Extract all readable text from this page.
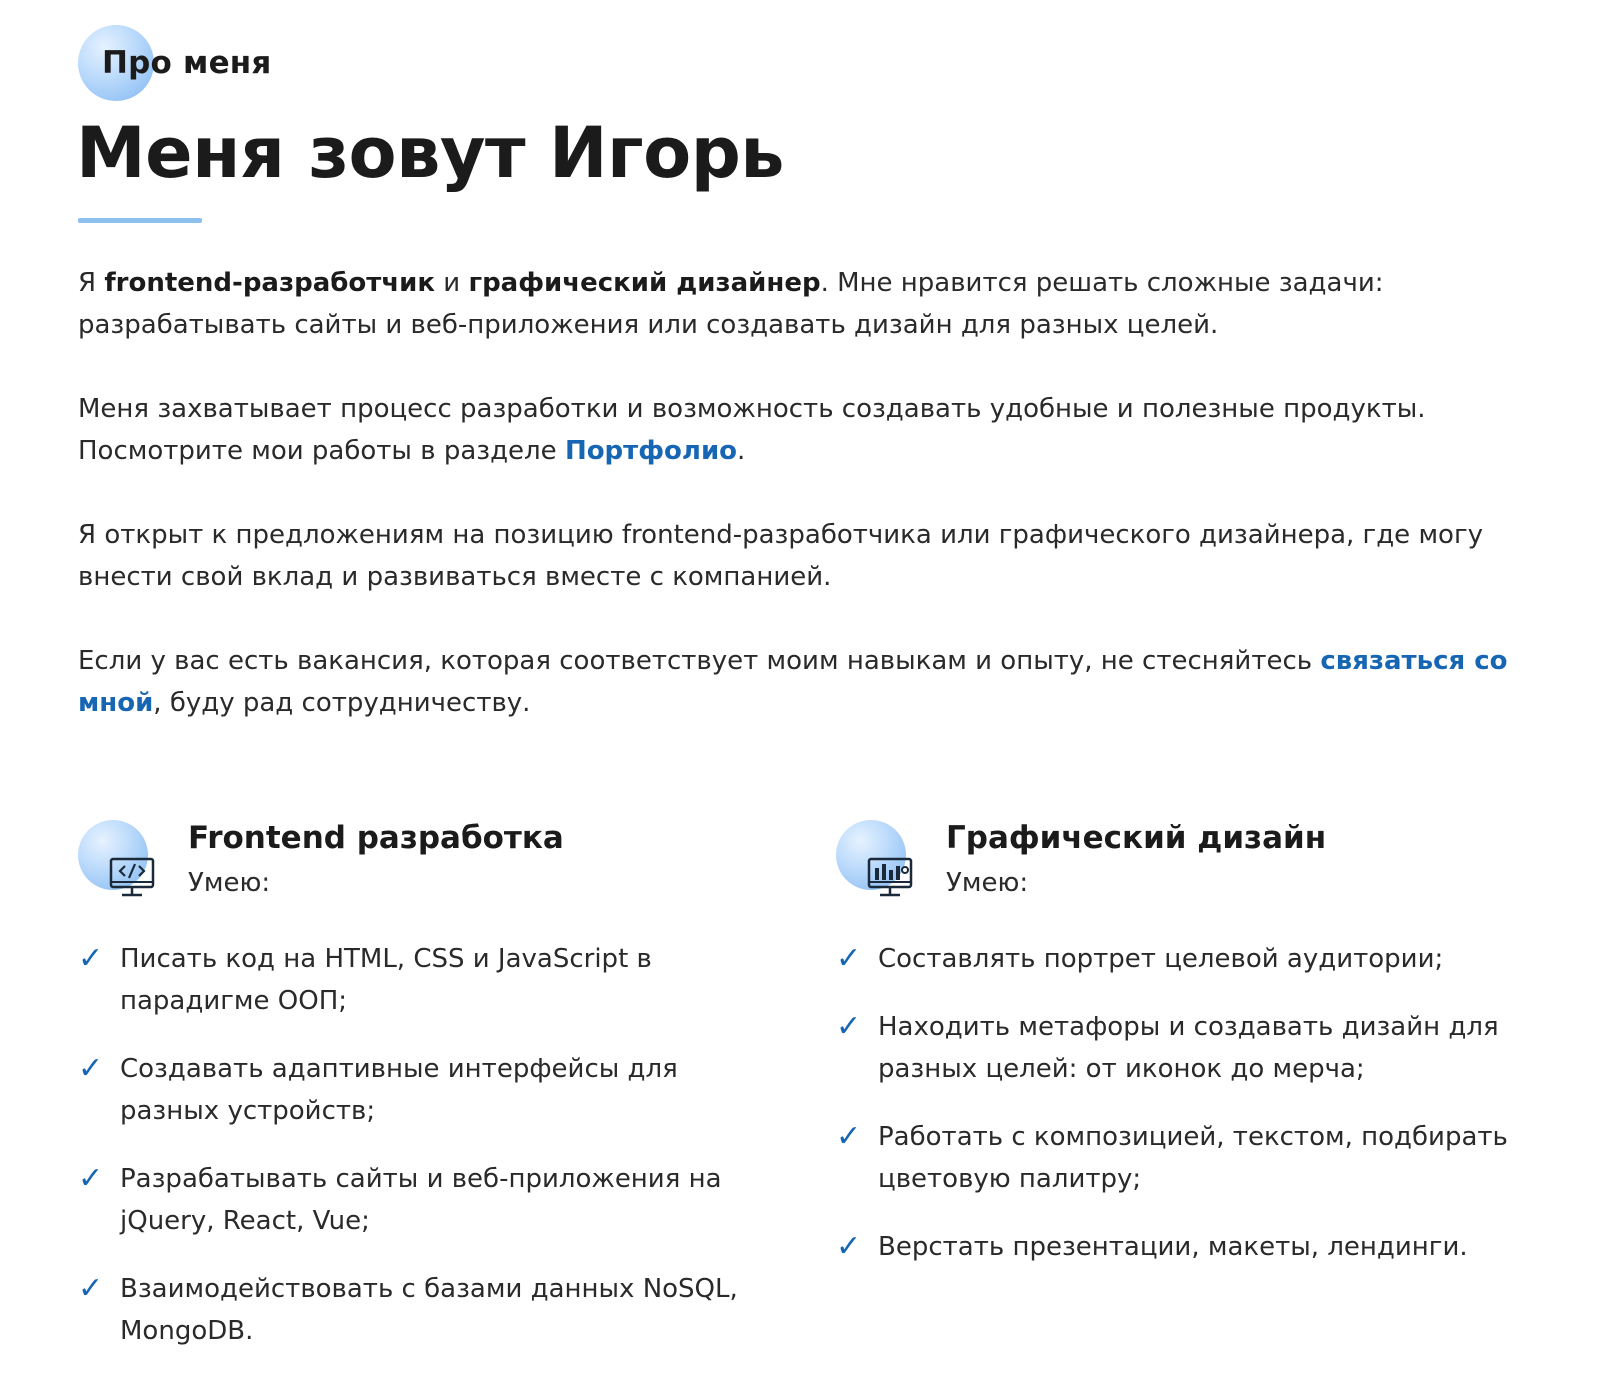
Про меня
Меня зовут Игорь

Я frontend-разработчик и графический дизайнер. Мне нравится решать сложные задачи: разрабатывать сайты и веб-приложения или создавать дизайн для разных целей.

Меня захватывает процесс разработки и возможность создавать удобные и полезные продукты. Посмотрите мои работы в разделе Портфолио.

Я открыт к предложениям на позицию frontend-разработчика или графического дизайнера, где могу внести свой вклад и развиваться вместе с компанией.

Если у вас есть вакансия, которая соответствует моим навыкам и опыту, не стесняйтесь связаться со мной, буду рад сотрудничеству.

Frontend разработка
Умею:
✓ Писать код на HTML, CSS и JavaScript в парадигме ООП;
✓ Создавать адаптивные интерфейсы для разных устройств;
✓ Разрабатывать сайты и веб-приложения на jQuery, React, Vue;
✓ Взаимодействовать с базами данных NoSQL, MongoDB.
Графический дизайн
Умею:
✓ Составлять портрет целевой аудитории;
✓ Находить метафоры и создавать дизайн для разных целей: от иконок до мерча;
✓ Работать с композицией, текстом, подбирать цветовую палитру;
✓ Верстать презентации, макеты, лендинги.
